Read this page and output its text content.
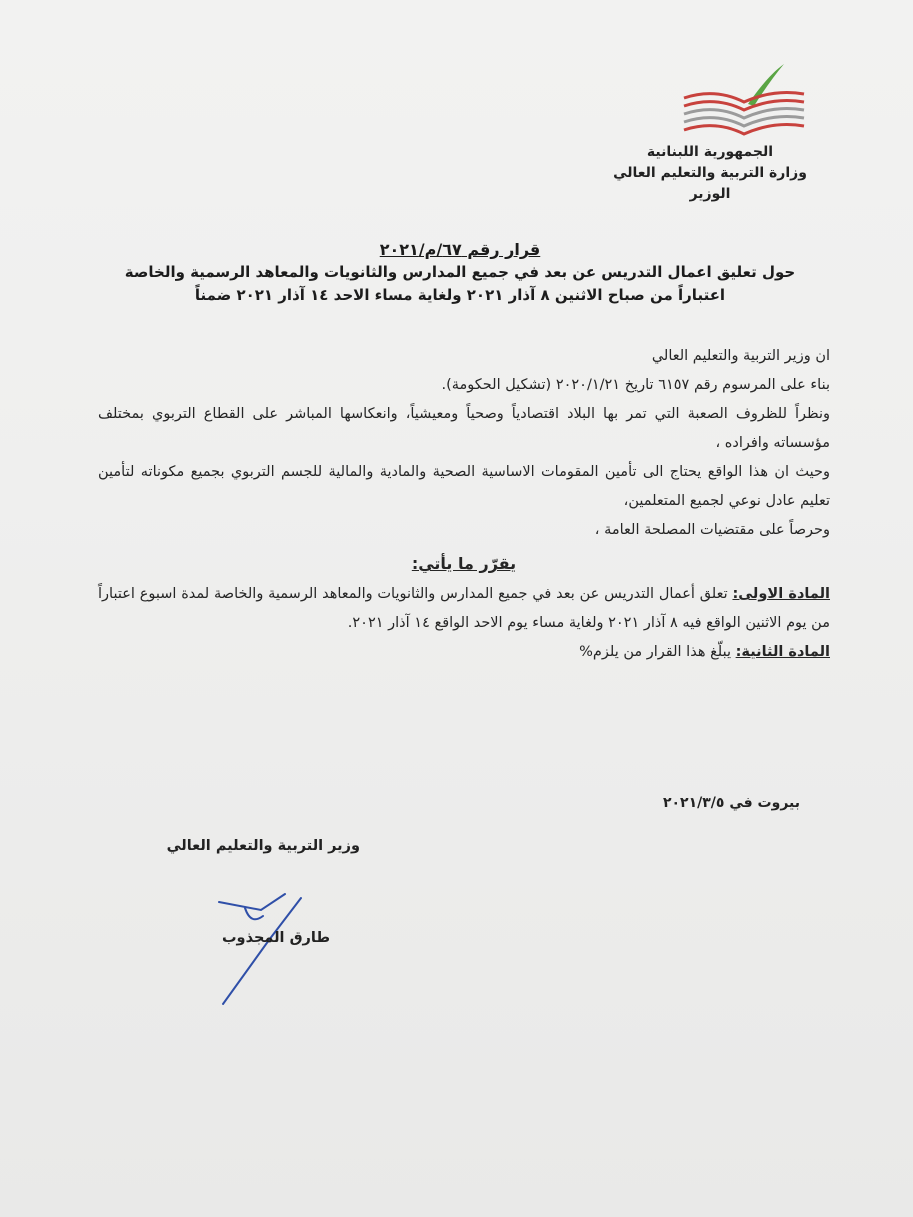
الجمهورية اللبنانية
وزارة التربية والتعليم العالي
الوزير
قرار رقم ٦٧/م/٢٠٢١
حول تعليق اعمال التدريس عن بعد في جميع المدارس والثانويات والمعاهد الرسمية والخاصة
اعتباراً من صباح الاثنين ٨ آذار ٢٠٢١ ولغاية مساء الاحد ١٤ آذار ٢٠٢١ ضمناً

ان وزير التربية والتعليم العالي

بناء على المرسوم رقم ٦١٥٧ تاريخ ٢٠٢٠/١/٢١ (تشكيل الحكومة).

ونظراً للظروف الصعبة التي تمر بها البلاد اقتصادياً وصحياً ومعيشياً، وانعكاسها المباشر على القطاع التربوي بمختلف مؤسساته وافراده ،

وحيث ان هذا الواقع يحتاج الى تأمين المقومات الاساسية الصحية والمادية والمالية للجسم التربوي بجميع مكوناته لتأمين تعليم عادل نوعي لجميع المتعلمين،

وحرصاً على مقتضيات المصلحة العامة ،

يقرّر ما يأتي:

المادة الاولى: تعلق أعمال التدريس عن بعد في جميع المدارس والثانويات والمعاهد الرسمية والخاصة لمدة اسبوع اعتباراً من يوم الاثنين الواقع فيه ٨ آذار ٢٠٢١ ولغاية مساء يوم الاحد الواقع ١٤ آذار ٢٠٢١.

المادة الثانية: يبلّغ هذا القرار من يلزم%

بيروت في ٢٠٢١/٣/٥
وزير التربية والتعليم العالي
طارق المجذوب
